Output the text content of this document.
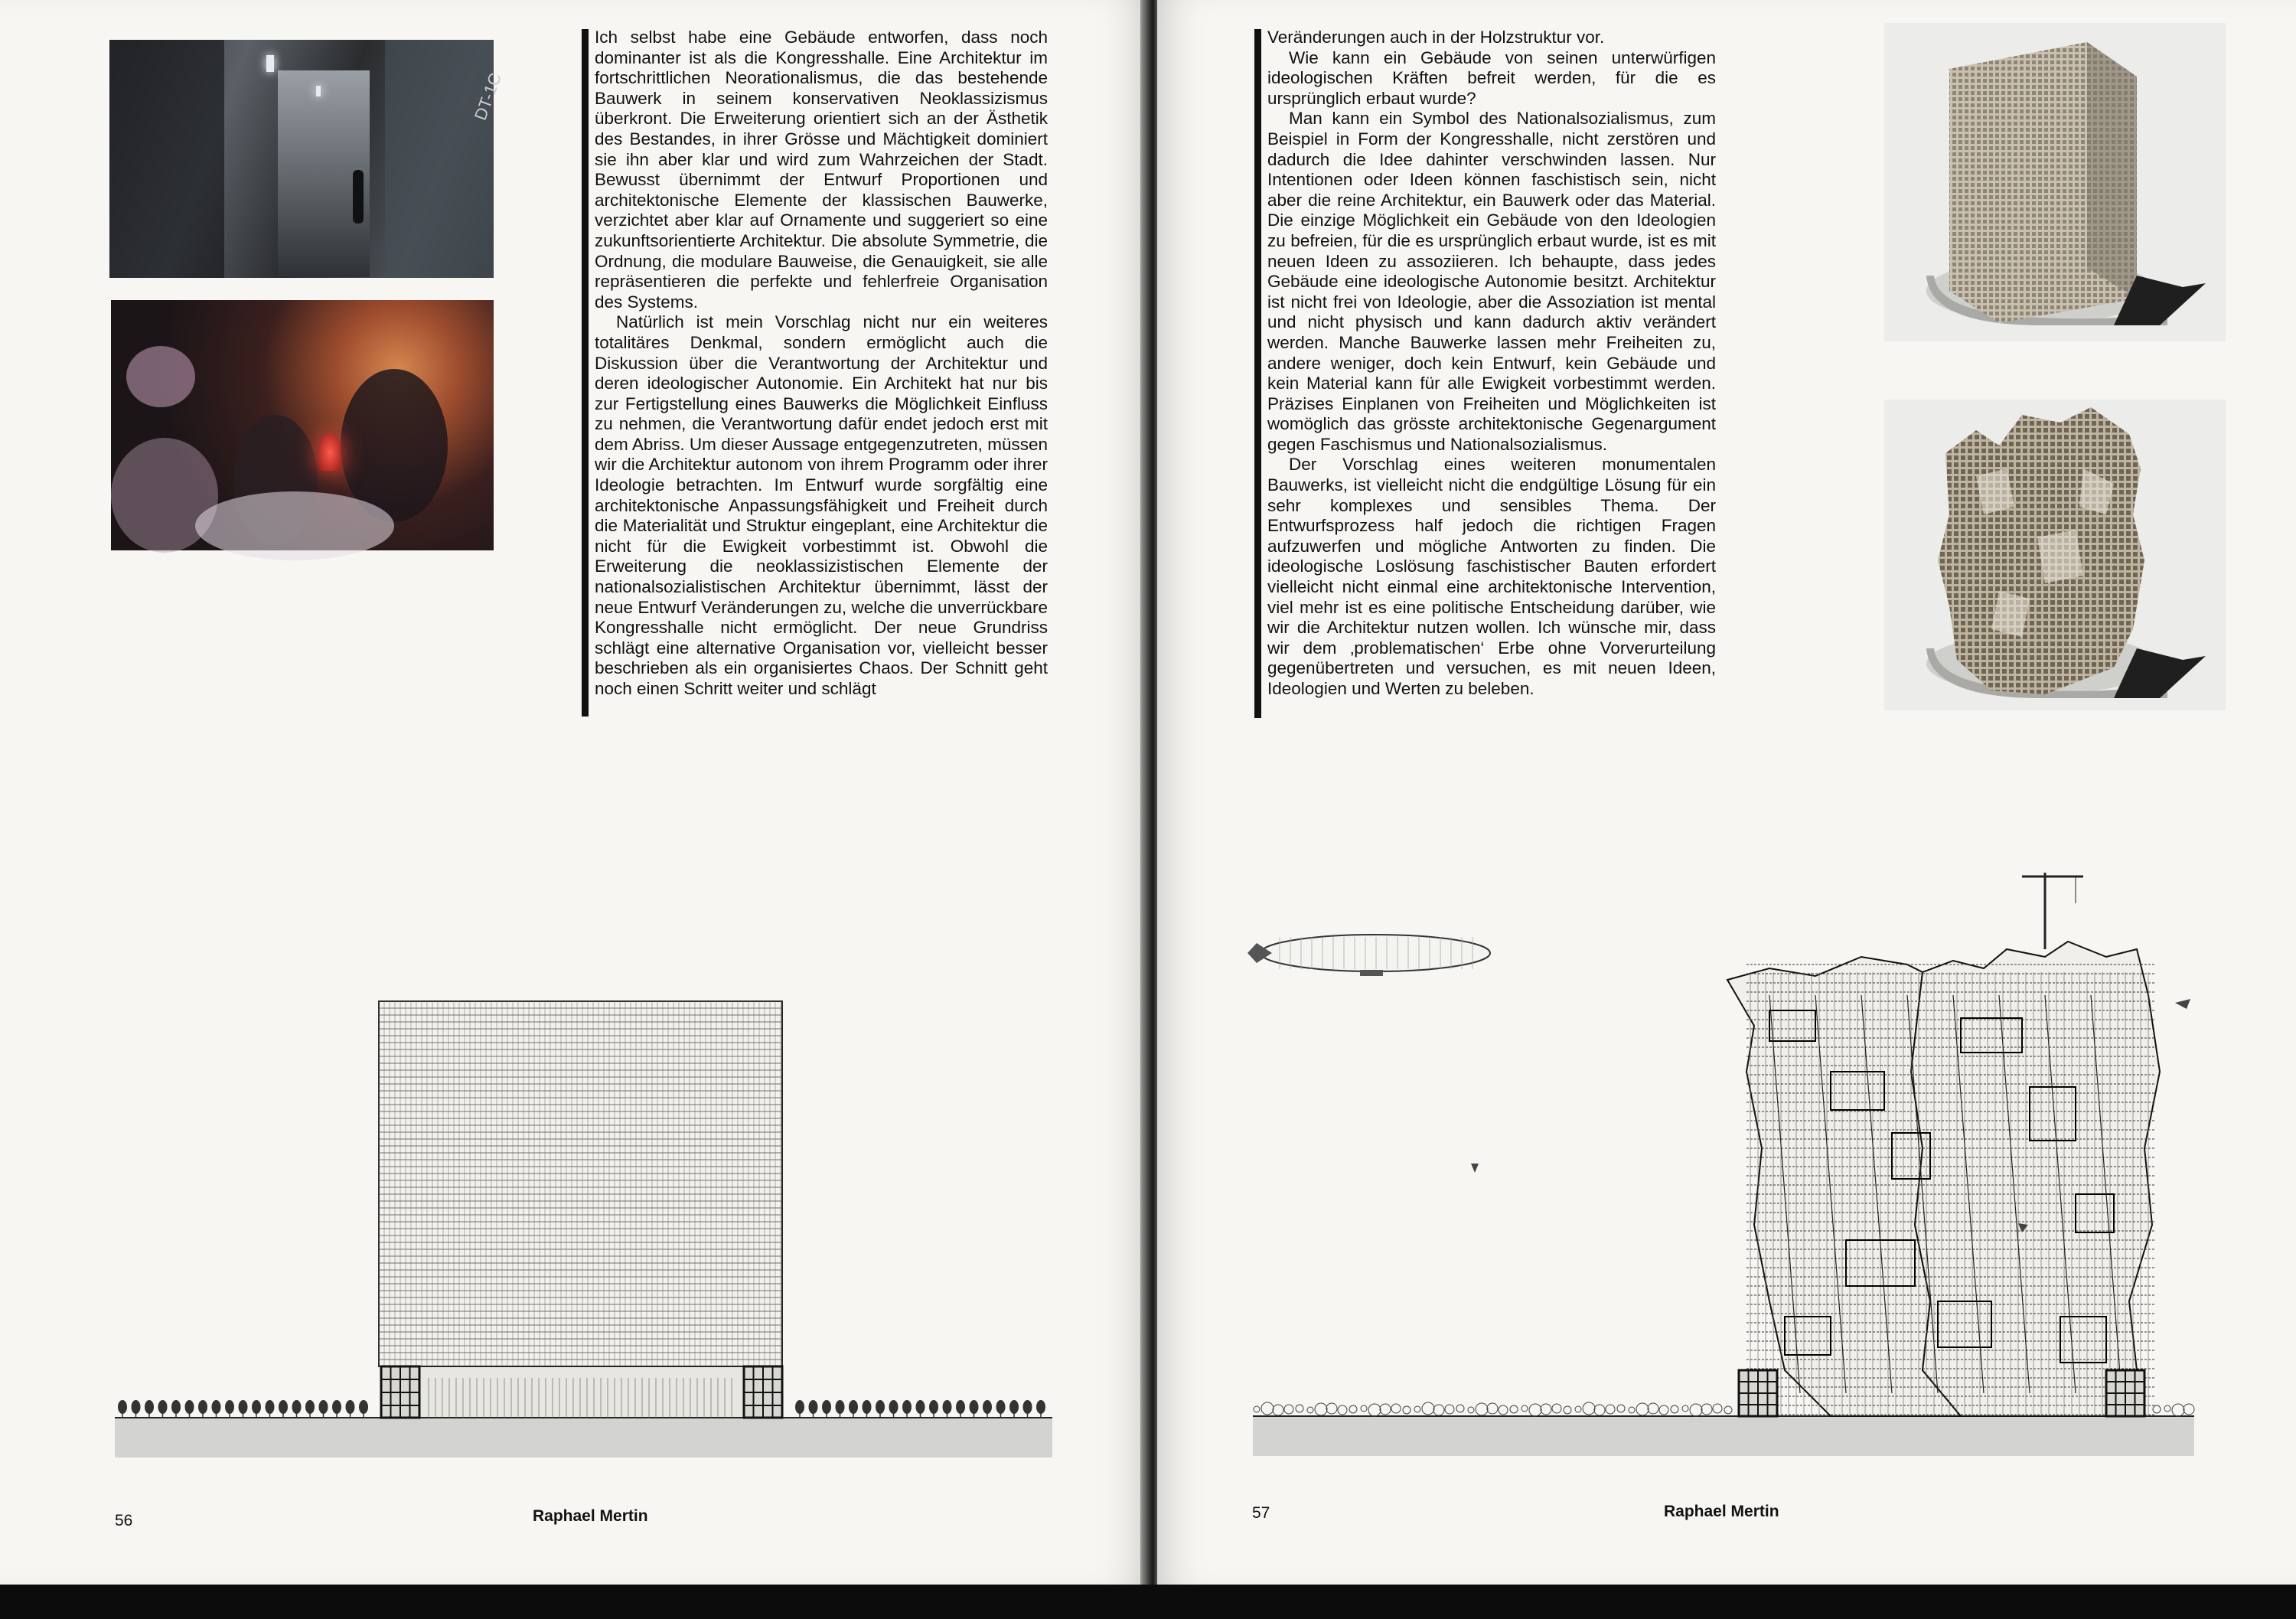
DT-1C

Ich selbst habe eine Gebäude entworfen, dass noch dominanter ist als die Kongresshalle. Eine Architektur im fortschrittlichen Neorationalismus, die das bestehende Bauwerk in seinem konservativen Neoklassizismus überkront. Die Erweiterung orientiert sich an der Ästhetik des Bestandes, in ihrer Grösse und Mächtigkeit dominiert sie ihn aber klar und wird zum Wahrzeichen der Stadt. Bewusst übernimmt der Entwurf Proportionen und architektonische Elemente der klassischen Bauwerke, verzichtet aber klar auf Ornamente und suggeriert so eine zukunftsorientierte Architektur. Die absolute Symmetrie, die Ordnung, die modulare Bauweise, die Genauigkeit, sie alle repräsentieren die perfekte und fehlerfreie Organisation des Systems.

Natürlich ist mein Vorschlag nicht nur ein weiteres totalitäres Denkmal, sondern ermöglicht auch die Diskussion über die Verantwortung der Architektur und deren ideologischer Autonomie. Ein Architekt hat nur bis zur Fertigstellung eines Bauwerks die Möglichkeit Einfluss zu nehmen, die Verantwortung dafür endet jedoch erst mit dem Abriss. Um dieser Aussage entgegenzutreten, müssen wir die Architektur autonom von ihrem Programm oder ihrer Ideologie betrachten. Im Entwurf wurde sorgfältig eine architektonische Anpassungsfähigkeit und Freiheit durch die Materialität und Struktur eingeplant, eine Architektur die nicht für die Ewigkeit vorbestimmt ist. Obwohl die Erweiterung die neoklassizistischen Elemente der nationalsozialistischen Architektur übernimmt, lässt der neue Entwurf Veränderungen zu, welche die unverrückbare Kongresshalle nicht ermöglicht. Der neue Grundriss schlägt eine alternative Organisation vor, vielleicht besser beschrieben als ein organisiertes Chaos. Der Schnitt geht noch einen Schritt weiter und schlägt

56	Raphael Mertin

Veränderungen auch in der Holzstruktur vor.

Wie kann ein Gebäude von seinen unterwürfigen ideologischen Kräften befreit werden, für die es ursprünglich erbaut wurde?

Man kann ein Symbol des Nationalsozialismus, zum Beispiel in Form der Kongresshalle, nicht zerstören und dadurch die Idee dahinter verschwinden lassen. Nur Intentionen oder Ideen können faschistisch sein, nicht aber die reine Architektur, ein Bauwerk oder das Material. Die einzige Möglichkeit ein Gebäude von den Ideologien zu befreien, für die es ursprünglich erbaut wurde, ist es mit neuen Ideen zu assoziieren. Ich behaupte, dass jedes Gebäude eine ideologische Autonomie besitzt. Architektur ist nicht frei von Ideologie, aber die Assoziation ist mental und nicht physisch und kann dadurch aktiv verändert werden. Manche Bauwerke lassen mehr Freiheiten zu, andere weniger, doch kein Entwurf, kein Gebäude und kein Material kann für alle Ewigkeit vorbestimmt werden. Präzises Einplanen von Freiheiten und Möglichkeiten ist womöglich das grösste architektonische Gegenargument gegen Faschismus und Nationalsozialismus.

Der Vorschlag eines weiteren monumentalen Bauwerks, ist vielleicht nicht die endgültige Lösung für ein sehr komplexes und sensibles Thema. Der Entwurfsprozess half jedoch die richtigen Fragen aufzuwerfen und mögliche Antworten zu finden. Die ideologische Loslösung faschistischer Bauten erfordert vielleicht nicht einmal eine architektonische Intervention, viel mehr ist es eine politische Entscheidung darüber, wie wir die Architektur nutzen wollen. Ich wünsche mir, dass wir dem ‚problematischen‘ Erbe ohne Vorverurteilung gegenübertreten und versuchen, es mit neuen Ideen, Ideologien und Werten zu beleben.

57	Raphael Mertin
